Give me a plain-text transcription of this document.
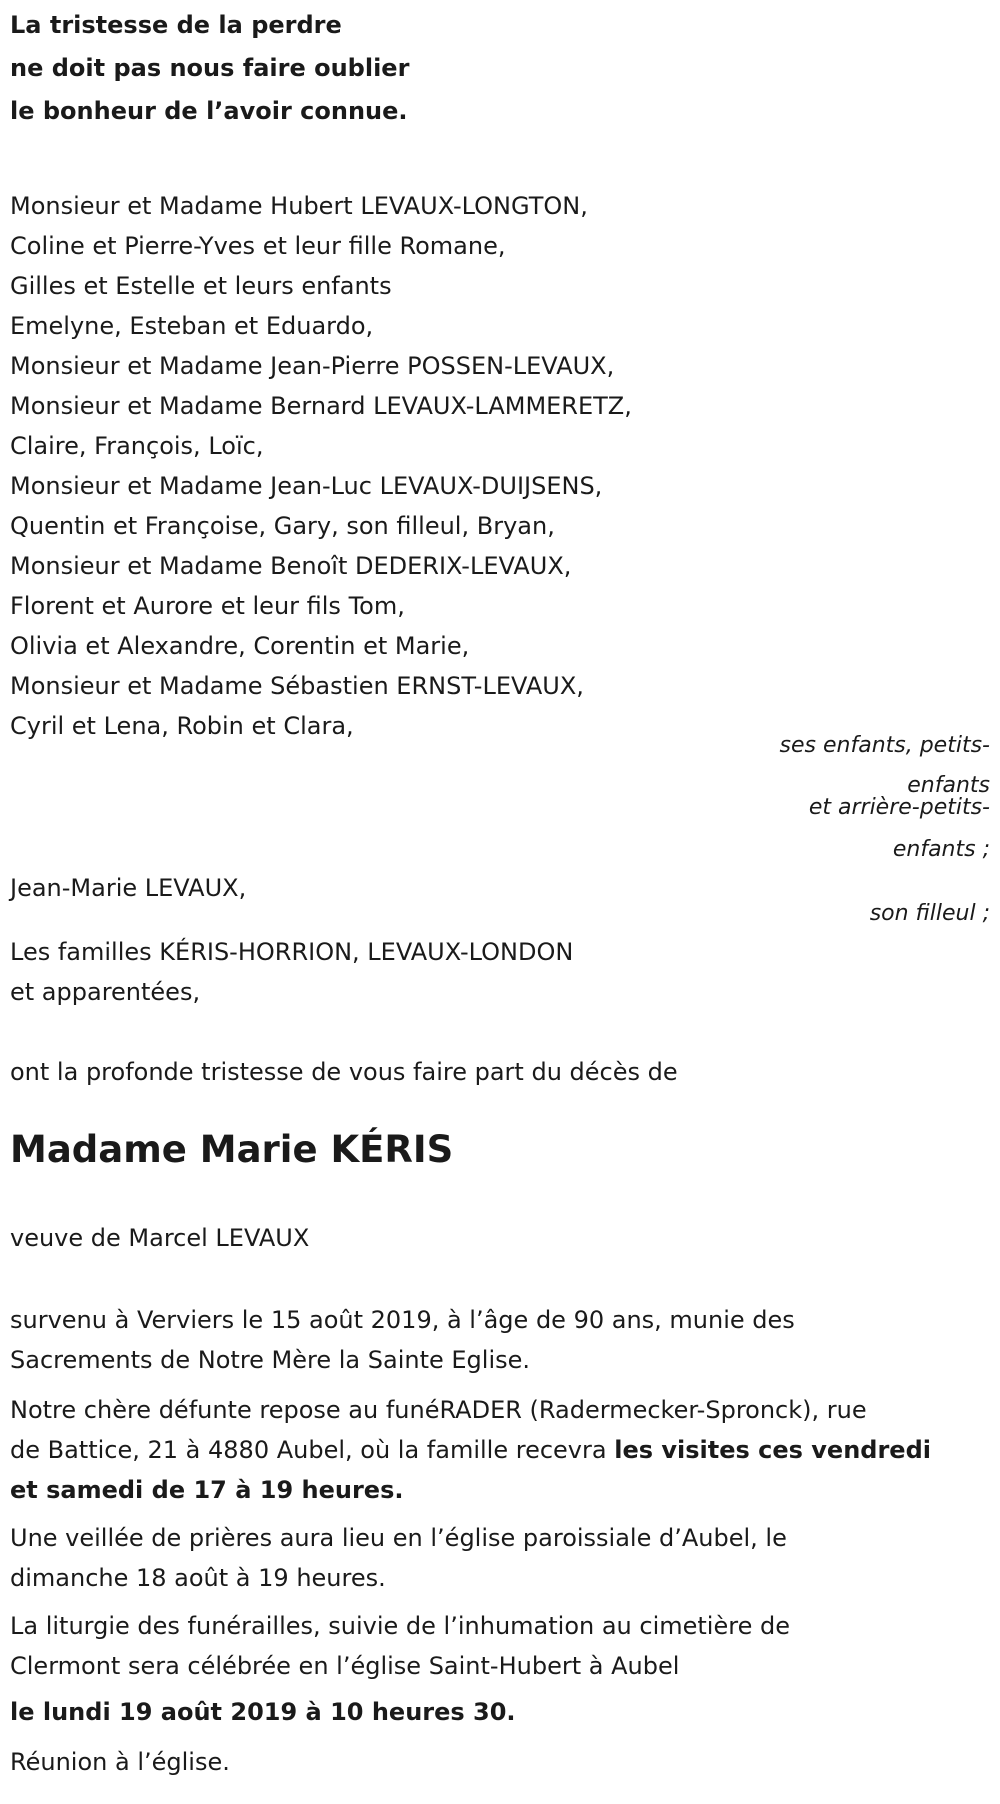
La tristesse de la perdre
ne doit pas nous faire oublier
le bonheur de l’avoir connue.
Monsieur et Madame Hubert LEVAUX-LONGTON,
Coline et Pierre-Yves et leur fille Romane,
Gilles et Estelle et leurs enfants
Emelyne, Esteban et Eduardo,
Monsieur et Madame Jean-Pierre POSSEN-LEVAUX,
Monsieur et Madame Bernard LEVAUX-LAMMERETZ,
Claire, François, Loïc,
Monsieur et Madame Jean-Luc LEVAUX-DUIJSENS,
Quentin et Françoise, Gary, son filleul, Bryan,
Monsieur et Madame Benoît DEDERIX-LEVAUX,
Florent et Aurore et leur fils Tom,
Olivia et Alexandre, Corentin et Marie,
Monsieur et Madame Sébastien ERNST-LEVAUX,
Cyril et Lena, Robin et Clara,
ses enfants, petits-
enfants
et arrière-petits-
enfants ;
Jean-Marie LEVAUX,
son filleul ;
Les familles KÉRIS-HORRION, LEVAUX-LONDON
et apparentées,
ont la profonde tristesse de vous faire part du décès de
Madame Marie KÉRIS
veuve de Marcel LEVAUX
survenu à Verviers le 15 août 2019, à l’âge de 90 ans, munie des
Sacrements de Notre Mère la Sainte Eglise.
Notre chère défunte repose au funéRADER (Radermecker-Spronck), rue
de Battice, 21 à 4880 Aubel, où la famille recevra les visites ces vendredi
et samedi de 17 à 19 heures.
Une veillée de prières aura lieu en l’église paroissiale d’Aubel, le
dimanche 18 août à 19 heures.
La liturgie des funérailles, suivie de l’inhumation au cimetière de
Clermont sera célébrée en l’église Saint-Hubert à Aubel
le lundi 19 août 2019 à 10 heures 30.
Réunion à l’église.
